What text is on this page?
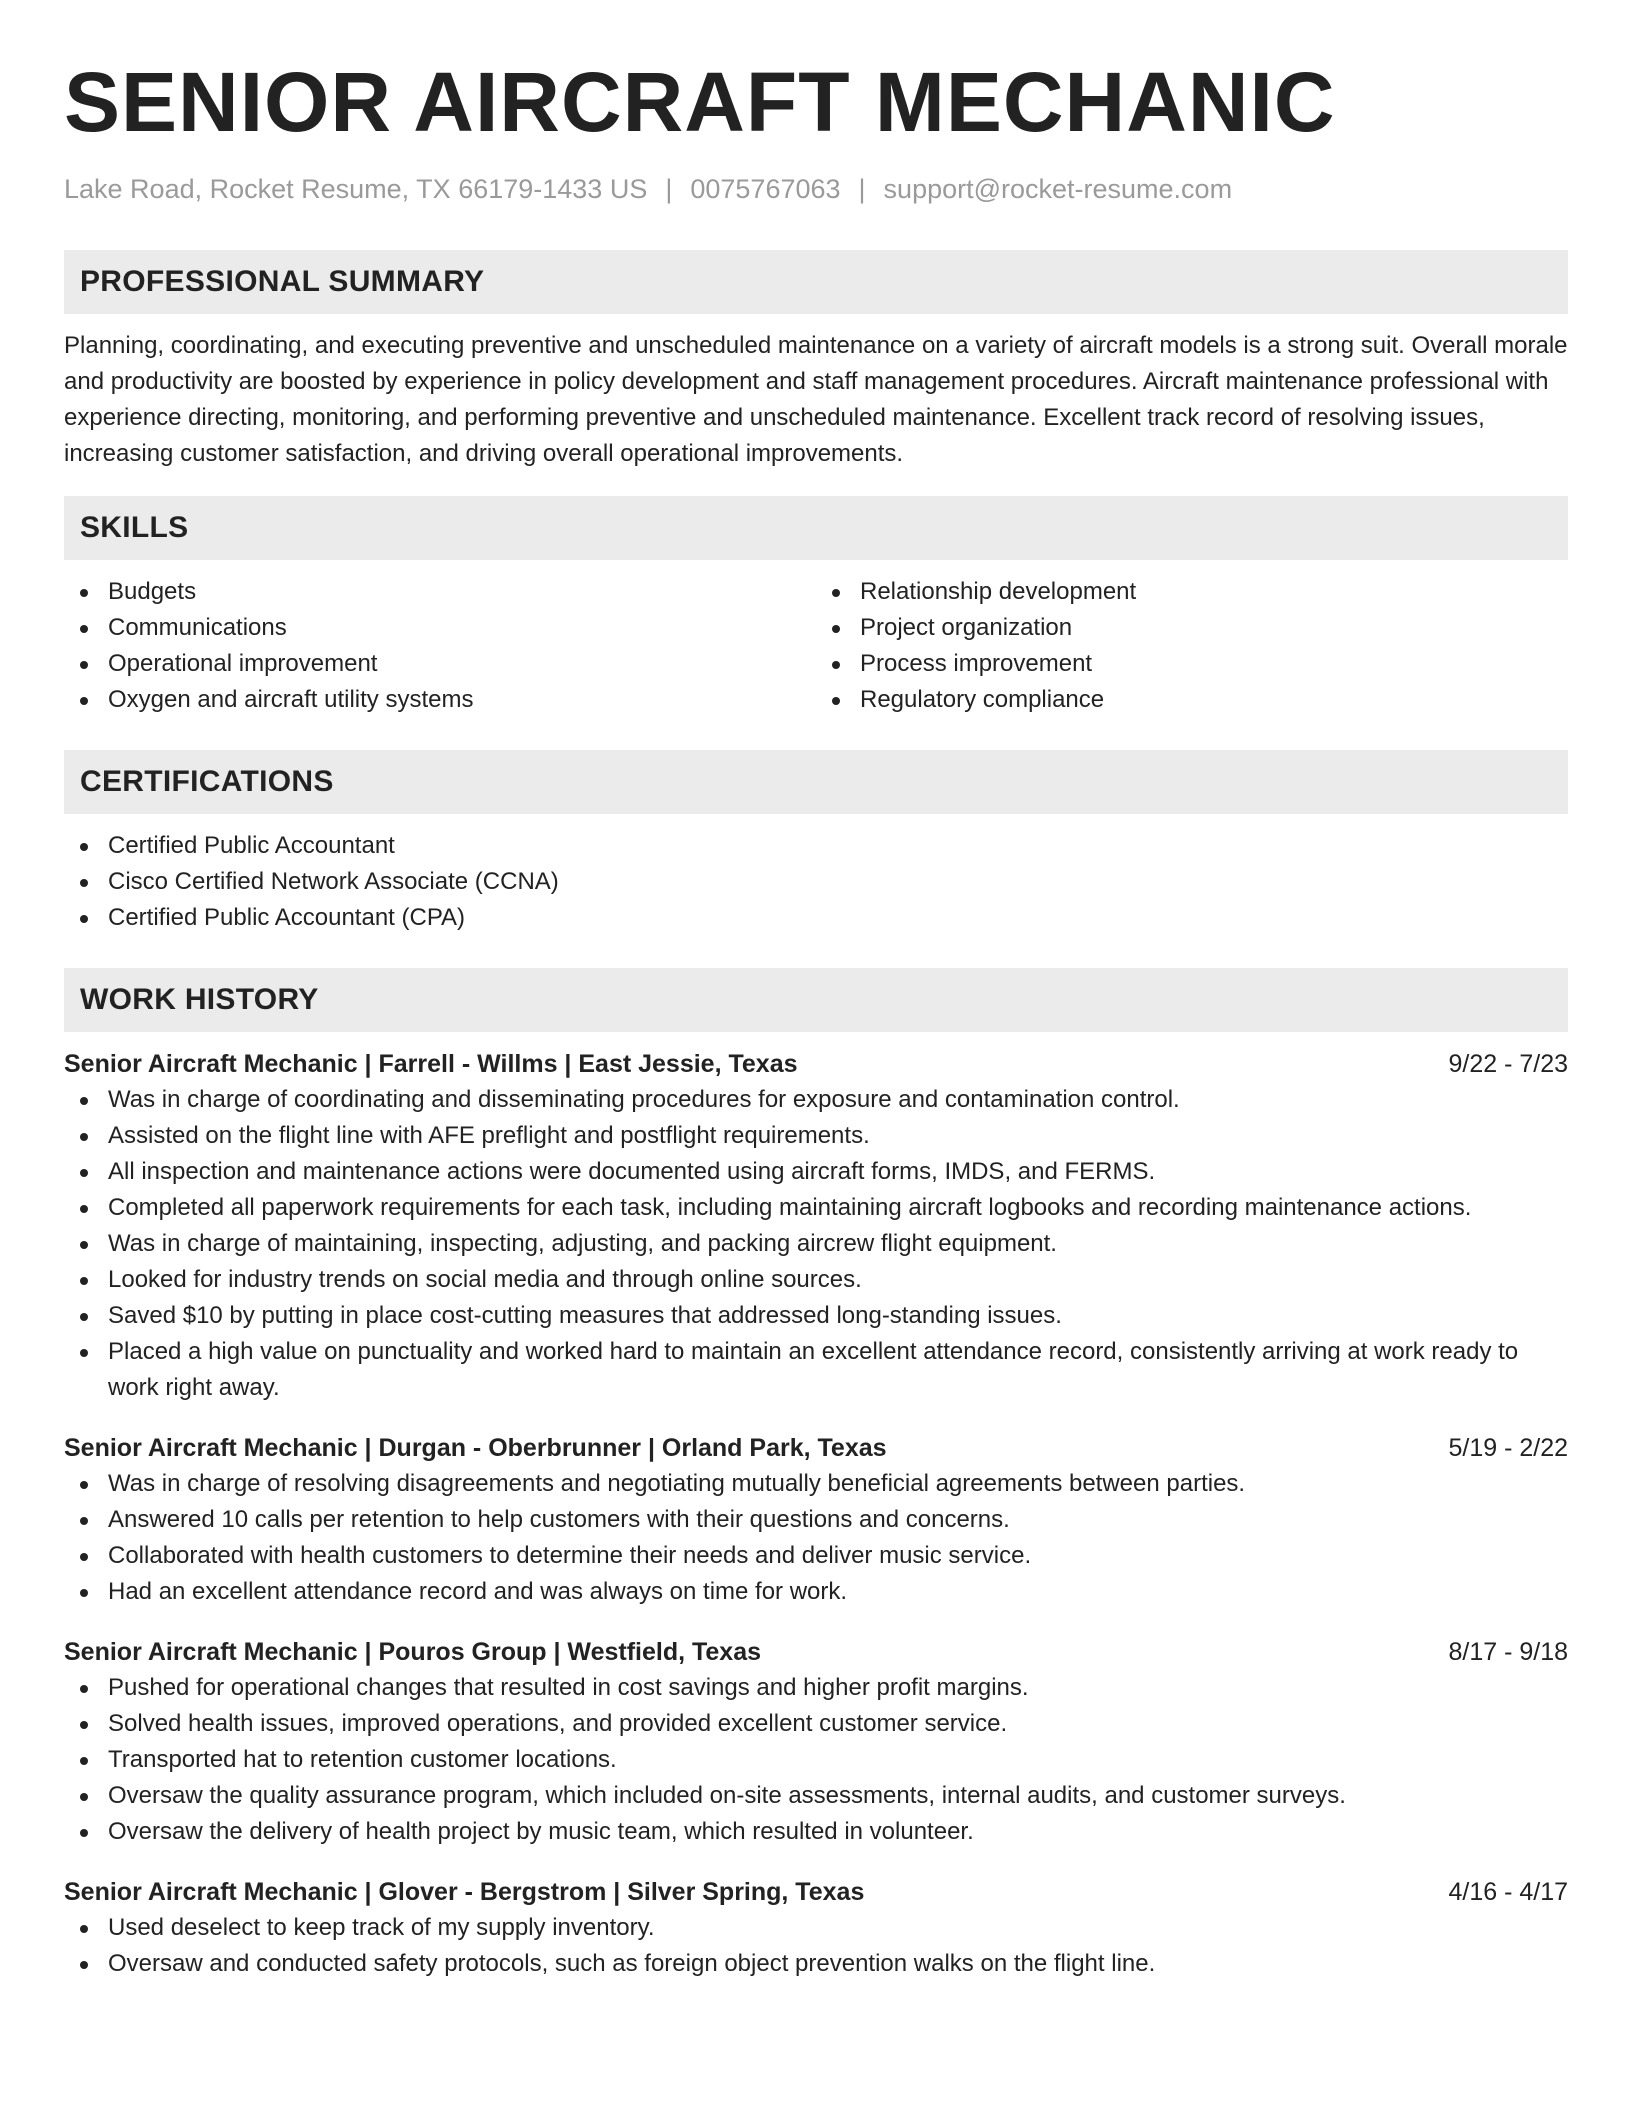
SENIOR AIRCRAFT MECHANIC
Lake Road, Rocket Resume, TX 66179-1433 US | 0075767063 | support@rocket-resume.com
PROFESSIONAL SUMMARY

Planning, coordinating, and executing preventive and unscheduled maintenance on a variety of aircraft models is a strong suit. Overall morale and productivity are boosted by experience in policy development and staff management procedures. Aircraft maintenance professional with experience directing, monitoring, and performing preventive and unscheduled maintenance. Excellent track record of resolving issues, increasing customer satisfaction, and driving overall operational improvements.

SKILLS
Budgets
Communications
Operational improvement
Oxygen and aircraft utility systems
Relationship development
Project organization
Process improvement
Regulatory compliance
CERTIFICATIONS
Certified Public Accountant
Cisco Certified Network Associate (CCNA)
Certified Public Accountant (CPA)
WORK HISTORY
Senior Aircraft Mechanic | Farrell - Willms | East Jessie, Texas	9/22 - 7/23
Was in charge of coordinating and disseminating procedures for exposure and contamination control.
Assisted on the flight line with AFE preflight and postflight requirements.
All inspection and maintenance actions were documented using aircraft forms, IMDS, and FERMS.
Completed all paperwork requirements for each task, including maintaining aircraft logbooks and recording maintenance actions.
Was in charge of maintaining, inspecting, adjusting, and packing aircrew flight equipment.
Looked for industry trends on social media and through online sources.
Saved $10 by putting in place cost-cutting measures that addressed long-standing issues.
Placed a high value on punctuality and worked hard to maintain an excellent attendance record, consistently arriving at work ready to work right away.
Senior Aircraft Mechanic | Durgan - Oberbrunner | Orland Park, Texas	5/19 - 2/22
Was in charge of resolving disagreements and negotiating mutually beneficial agreements between parties.
Answered 10 calls per retention to help customers with their questions and concerns.
Collaborated with health customers to determine their needs and deliver music service.
Had an excellent attendance record and was always on time for work.
Senior Aircraft Mechanic | Pouros Group | Westfield, Texas	8/17 - 9/18
Pushed for operational changes that resulted in cost savings and higher profit margins.
Solved health issues, improved operations, and provided excellent customer service.
Transported hat to retention customer locations.
Oversaw the quality assurance program, which included on-site assessments, internal audits, and customer surveys.
Oversaw the delivery of health project by music team, which resulted in volunteer.
Senior Aircraft Mechanic | Glover - Bergstrom | Silver Spring, Texas	4/16 - 4/17
Used deselect to keep track of my supply inventory.
Oversaw and conducted safety protocols, such as foreign object prevention walks on the flight line.
